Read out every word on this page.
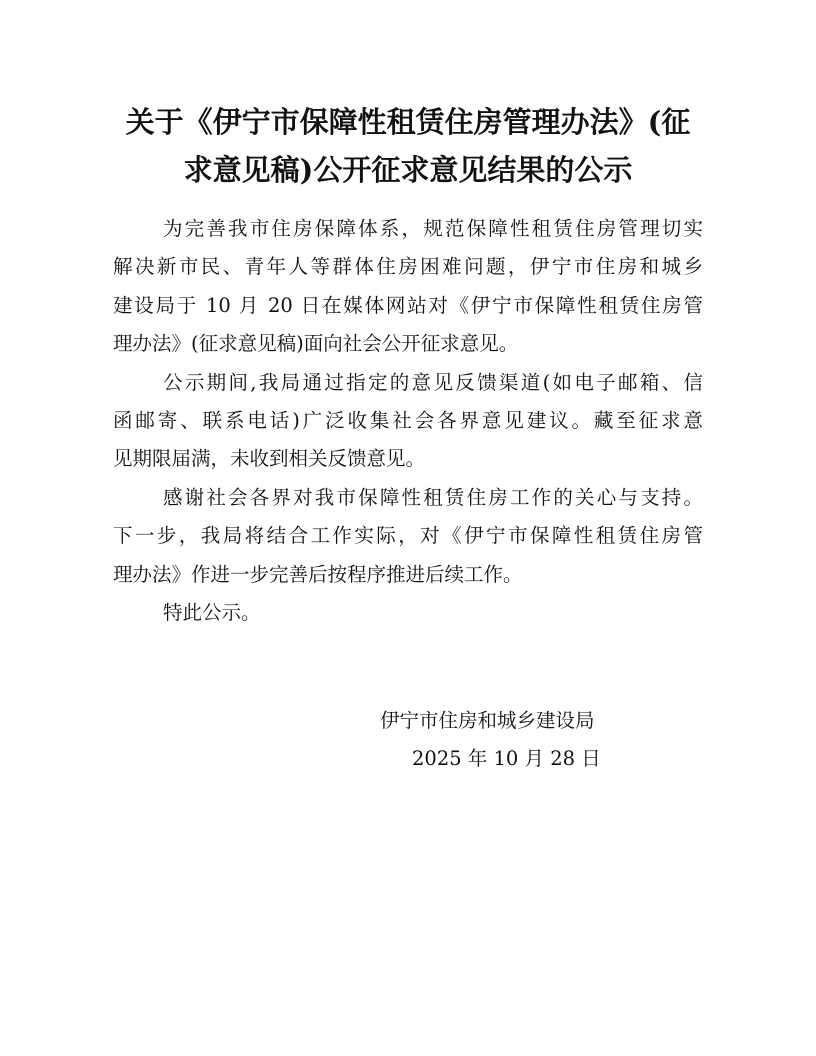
关于《伊宁市保障性租赁住房管理办法》(征
求意见稿)公开征求意见结果的公示

为完善我市住房保障体系，规范保障性租赁住房管理切实
解决新市民、青年人等群体住房困难问题，伊宁市住房和城乡
建设局于 10 月 20 日在媒体网站对《伊宁市保障性租赁住房管
理办法》(征求意见稿)面向社会公开征求意见。

公示期间,我局通过指定的意见反馈渠道(如电子邮箱、信
函邮寄、联系电话)广泛收集社会各界意见建议。藏至征求意
见期限届满，未收到相关反馈意见。

感谢社会各界对我市保障性租赁住房工作的关心与支持。
下一步，我局将结合工作实际，对《伊宁市保障性租赁住房管
理办法》作进一步完善后按程序推进后续工作。

特此公示。

伊宁市住房和城乡建设局
2025 年 10 月 28 日
